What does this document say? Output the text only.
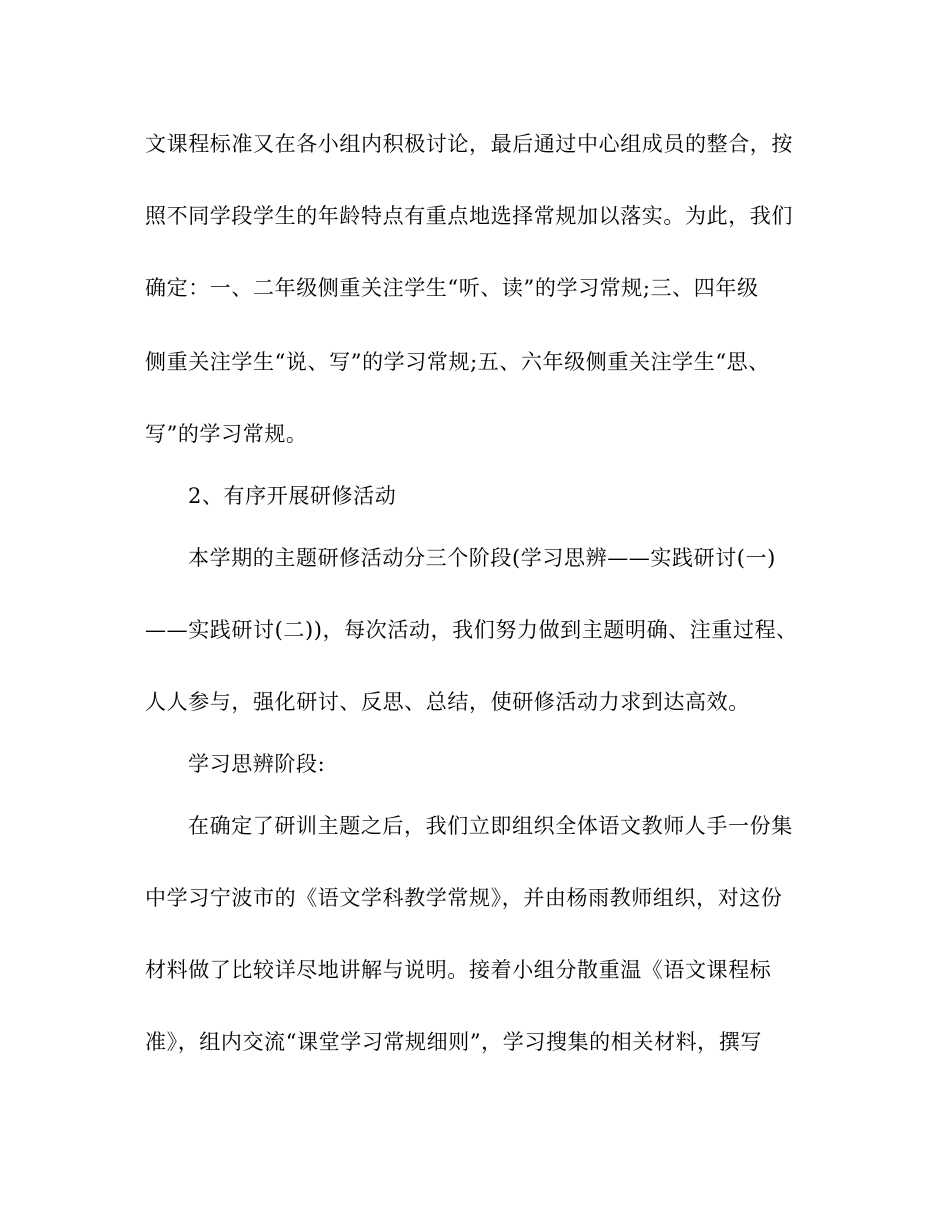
文课程标准又在各小组内积极讨论，最后通过中心组成员的整合，按
照不同学段学生的年龄特点有重点地选择常规加以落实。为此，我们
确定：一、二年级侧重关注学生“听、读”的学习常规;三、四年级
侧重关注学生“说、写”的学习常规;五、六年级侧重关注学生“思、
写”的学习常规。
2、有序开展研修活动
本学期的主题研修活动分三个阶段(学习思辨——实践研讨(一)
——实践研讨(二))，每次活动，我们努力做到主题明确、注重过程、
人人参与，强化研讨、反思、总结，使研修活动力求到达高效。
学习思辨阶段:
在确定了研训主题之后，我们立即组织全体语文教师人手一份集
中学习宁波市的《语文学科教学常规》，并由杨雨教师组织，对这份
材料做了比较详尽地讲解与说明。接着小组分散重温《语文课程标
准》，组内交流“课堂学习常规细则”，学习搜集的相关材料，撰写
